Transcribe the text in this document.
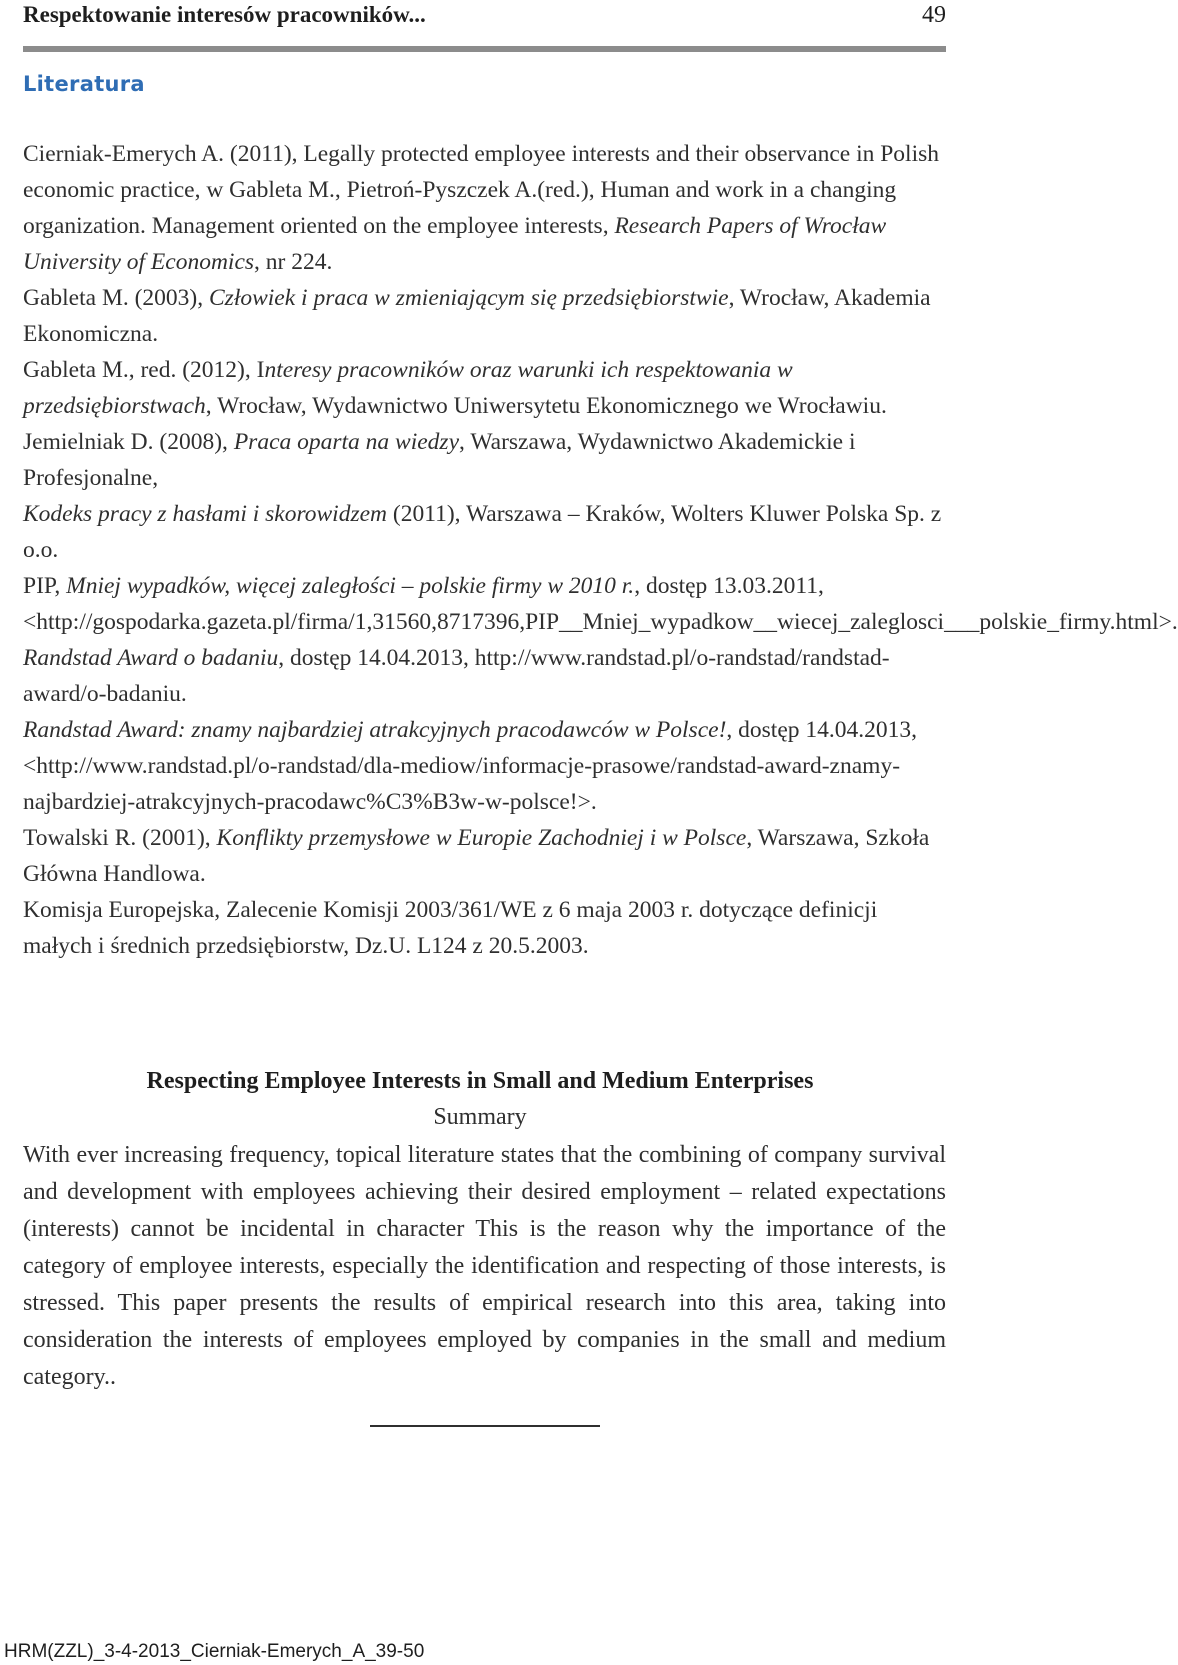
Respektowanie interesów pracowników...	49
Literatura

Cierniak-Emerych A. (2011), Legally protected employee interests and their observance in Polish economic practice, w Gableta M., Pietroń-Pyszczek A.(red.), Human and work in a changing organization. Management oriented on the employee interests, Research Papers of Wrocław University of Economics, nr 224.

Gableta M. (2003), Człowiek i praca w zmieniającym się przedsiębiorstwie, Wrocław, Akademia Ekonomiczna.

Gableta M., red. (2012), Interesy pracowników oraz warunki ich respektowania w przedsiębiorstwach, Wrocław, Wydawnictwo Uniwersytetu Ekonomicznego we Wrocławiu.

Jemielniak D. (2008), Praca oparta na wiedzy, Warszawa, Wydawnictwo Akademickie i Profesjonalne,

Kodeks pracy z hasłami i skorowidzem (2011), Warszawa – Kraków, Wolters Kluwer Polska Sp. z o.o.

PIP, Mniej wypadków, więcej zaległości – polskie firmy w 2010 r., dostęp 13.03.2011, <http://gospodarka.gazeta.pl/firma/1,31560,8717396,PIP__Mniej_wypadkow__wiecej_zaleglosci___polskie_firmy.html>.

Randstad Award o badaniu, dostęp 14.04.2013, http://www.randstad.pl/o-randstad/randstad-award/o-badaniu.

Randstad Award: znamy najbardziej atrakcyjnych pracodawców w Polsce!, dostęp 14.04.2013, <http://www.randstad.pl/o-randstad/dla-mediow/informacje-prasowe/randstad-award-znamy-najbardziej-atrakcyjnych-pracodawc%C3%B3w-w-polsce!>.

Towalski R. (2001), Konflikty przemysłowe w Europie Zachodniej i w Polsce, Warszawa, Szkoła Główna Handlowa.

Komisja Europejska, Zalecenie Komisji 2003/361/WE z 6 maja 2003 r. dotyczące definicji małych i średnich przedsiębiorstw, Dz.U. L124 z 20.5.2003.

Respecting Employee Interests in Small and Medium Enterprises
Summary
With ever increasing frequency, topical literature states that the combining of company survival and development with employees achieving their desired employment – related expectations (interests) cannot be incidental in character This is the reason why the importance of the category of employee interests, especially the identification and respecting of those interests, is stressed. This paper presents the results of empirical research into this area, taking into consideration the interests of employees employed by companies in the small and medium category..
HRM(ZZL)_3-4-2013_Cierniak-Emerych_A_39-50
